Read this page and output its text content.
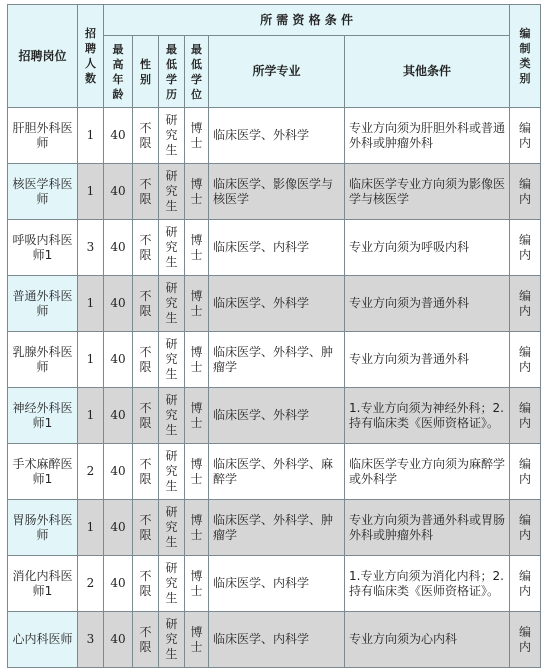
招聘岗位	招聘人数	所 需 资 格 条 件						编制类别
		最高年龄	性别	最低学历	最低学位	所学专业	其他条件	
肝胆外科医师	1	40	不限	研究生	博士	临床医学、外科学	专业方向须为肝胆外科或普通外科或肿瘤外科	编内
核医学科医师	1	40	不限	研究生	博士	临床医学、影像医学与核医学	临床医学专业方向须为影像医学与核医学	编内
呼吸内科医师1	3	40	不限	研究生	博士	临床医学、内科学	专业方向须为呼吸内科	编内
普通外科医师	1	40	不限	研究生	博士	临床医学、外科学	专业方向须为普通外科	编内
乳腺外科医师	1	40	不限	研究生	博士	临床医学、外科学、肿瘤学	专业方向须为普通外科	编内
神经外科医师1	1	40	不限	研究生	博士	临床医学、外科学	1.专业方向须为神经外科；2.持有临床类《医师资格证》。	编内
手术麻醉医师1	2	40	不限	研究生	博士	临床医学、外科学、麻醉学	临床医学专业方向须为麻醉学或外科学	编内
胃肠外科医师	1	40	不限	研究生	博士	临床医学、外科学、肿瘤学	专业方向须为普通外科或胃肠外科或肿瘤外科	编内
消化内科医师1	2	40	不限	研究生	博士	临床医学、内科学	1.专业方向须为消化内科；2.持有临床类《医师资格证》。	编内
心内科医师	3	40	不限	研究生	博士	临床医学、内科学	专业方向须为心内科	编内
